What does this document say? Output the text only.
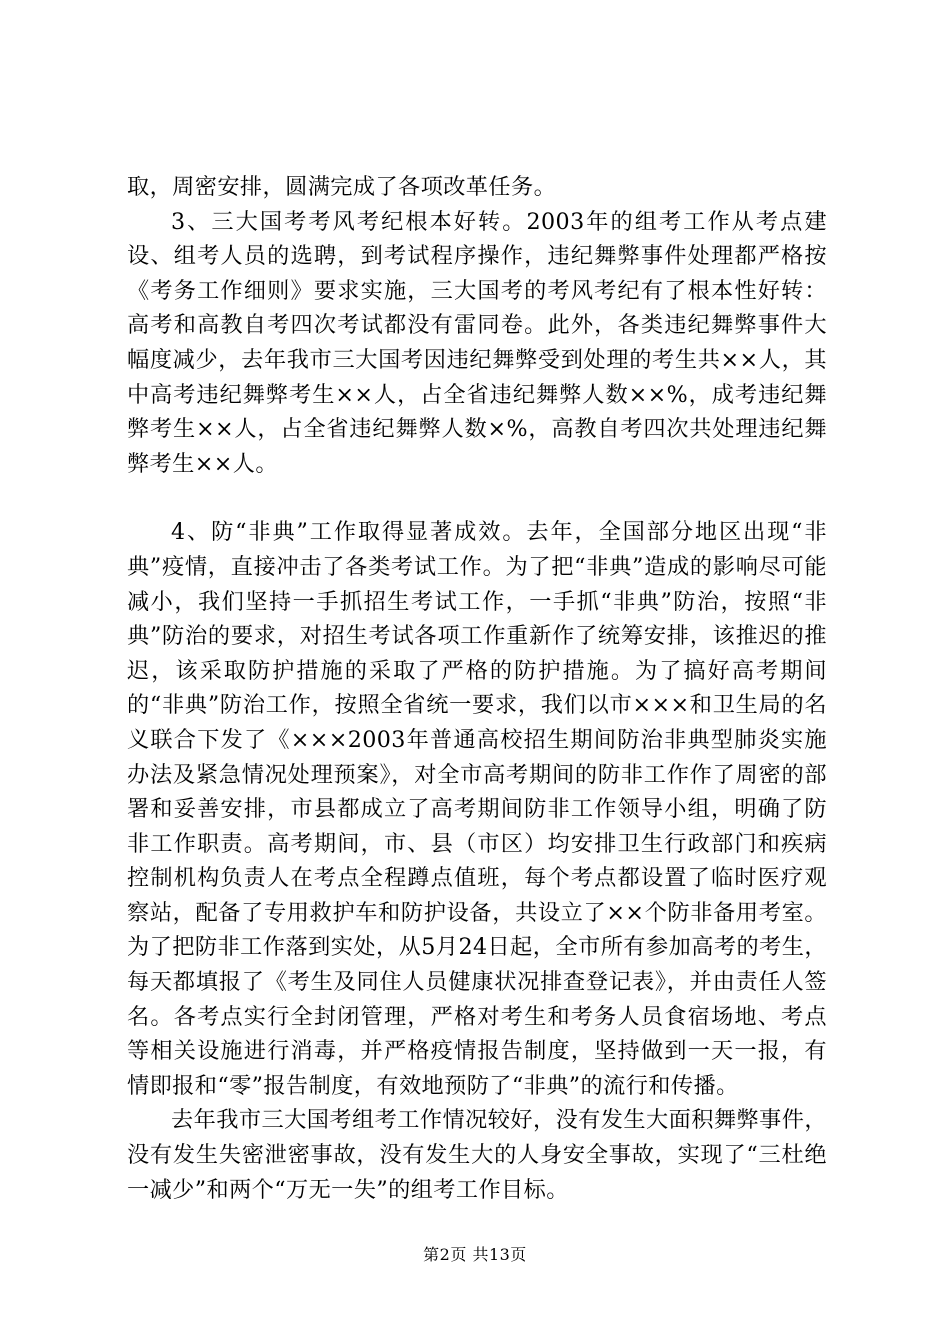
取，周密安排，圆满完成了各项改革任务。

3、三大国考考风考纪根本好转。2003年的组考工作从考点建设、组考人员的选聘，到考试程序操作，违纪舞弊事件处理都严格按《考务工作细则》要求实施，三大国考的考风考纪有了根本性好转：高考和高教自考四次考试都没有雷同卷。此外，各类违纪舞弊事件大幅度减少，去年我市三大国考因违纪舞弊受到处理的考生共××人，其中高考违纪舞弊考生××人，占全省违纪舞弊人数××%，成考违纪舞弊考生××人，占全省违纪舞弊人数×%，高教自考四次共处理违纪舞弊考生××人。

4、防“非典”工作取得显著成效。去年，全国部分地区出现“非典”疫情，直接冲击了各类考试工作。为了把“非典”造成的影响尽可能减小，我们坚持一手抓招生考试工作，一手抓“非典”防治，按照“非典”防治的要求，对招生考试各项工作重新作了统筹安排，该推迟的推迟，该采取防护措施的采取了严格的防护措施。为了搞好高考期间的“非典”防治工作，按照全省统一要求，我们以市×××和卫生局的名义联合下发了《×××2003年普通高校招生期间防治非典型肺炎实施办法及紧急情况处理预案》，对全市高考期间的防非工作作了周密的部署和妥善安排，市县都成立了高考期间防非工作领导小组，明确了防非工作职责。高考期间，市、县（市区）均安排卫生行政部门和疾病控制机构负责人在考点全程蹲点值班，每个考点都设置了临时医疗观察站，配备了专用救护车和防护设备，共设立了××个防非备用考室。为了把防非工作落到实处，从5月24日起，全市所有参加高考的考生，每天都填报了《考生及同住人员健康状况排查登记表》，并由责任人签名。各考点实行全封闭管理，严格对考生和考务人员食宿场地、考点等相关设施进行消毒，并严格疫情报告制度，坚持做到一天一报，有情即报和“零”报告制度，有效地预防了“非典”的流行和传播。

去年我市三大国考组考工作情况较好，没有发生大面积舞弊事件，没有发生失密泄密事故，没有发生大的人身安全事故，实现了“三杜绝一减少”和两个“万无一失”的组考工作目标。

第2页 共13页
